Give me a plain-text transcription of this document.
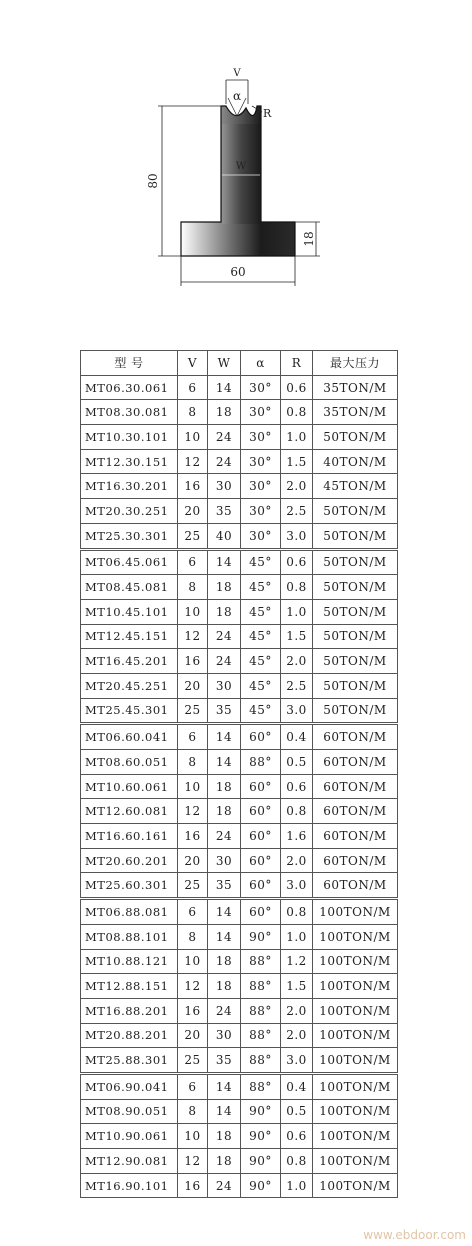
V
α
R
W
80
18
60
型 号	V	W	α	R	最大压力
MT06.30.061	6	14	30°	0.6	35TON/M
MT08.30.081	8	18	30°	0.8	35TON/M
MT10.30.101	10	24	30°	1.0	50TON/M
MT12.30.151	12	24	30°	1.5	40TON/M
MT16.30.201	16	30	30°	2.0	45TON/M
MT20.30.251	20	35	30°	2.5	50TON/M
MT25.30.301	25	40	30°	3.0	50TON/M
MT06.45.061	6	14	45°	0.6	50TON/M
MT08.45.081	8	18	45°	0.8	50TON/M
MT10.45.101	10	18	45°	1.0	50TON/M
MT12.45.151	12	24	45°	1.5	50TON/M
MT16.45.201	16	24	45°	2.0	50TON/M
MT20.45.251	20	30	45°	2.5	50TON/M
MT25.45.301	25	35	45°	3.0	50TON/M
MT06.60.041	6	14	60°	0.4	60TON/M
MT08.60.051	8	14	88°	0.5	60TON/M
MT10.60.061	10	18	60°	0.6	60TON/M
MT12.60.081	12	18	60°	0.8	60TON/M
MT16.60.161	16	24	60°	1.6	60TON/M
MT20.60.201	20	30	60°	2.0	60TON/M
MT25.60.301	25	35	60°	3.0	60TON/M
MT06.88.081	6	14	60°	0.8	100TON/M
MT08.88.101	8	14	90°	1.0	100TON/M
MT10.88.121	10	18	88°	1.2	100TON/M
MT12.88.151	12	18	88°	1.5	100TON/M
MT16.88.201	16	24	88°	2.0	100TON/M
MT20.88.201	20	30	88°	2.0	100TON/M
MT25.88.301	25	35	88°	3.0	100TON/M
MT06.90.041	6	14	88°	0.4	100TON/M
MT08.90.051	8	14	90°	0.5	100TON/M
MT10.90.061	10	18	90°	0.6	100TON/M
MT12.90.081	12	18	90°	0.8	100TON/M
MT16.90.101	16	24	90°	1.0	100TON/M
www.ebdoor.com
